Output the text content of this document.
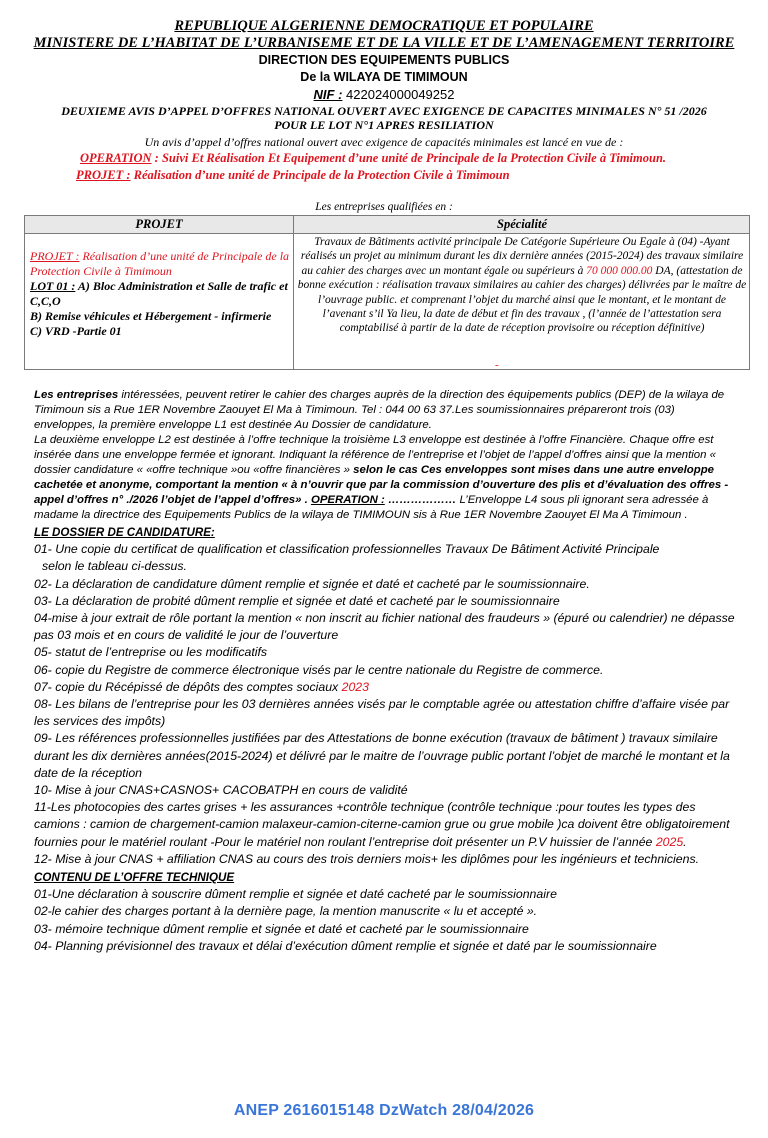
REPUBLIQUE ALGERIENNE DEMOCRATIQUE ET POPULAIRE
MINISTERE DE L’HABITAT DE L’URBANISEME ET DE LA VILLE ET DE L’AMENAGEMENT TERRITOIRE
DIRECTION DES EQUIPEMENTS PUBLICS
De la WILAYA DE TIMIMOUN
NIF : 422024000049252
DEUXIEME AVIS D’APPEL D’OFFRES NATIONAL OUVERT AVEC EXIGENCE DE CAPACITES MINIMALES N° 51 /2026
POUR LE LOT N°1 APRES RESILIATION
Un avis d’appel d’offres national ouvert avec exigence de capacités minimales est lancé en vue de :
OPERATION : Suivi Et Réalisation Et Equipement d’une unité de Principale de la Protection Civile à Timimoun.
PROJET : Réalisation d’une unité de Principale de la Protection Civile à Timimoun
Les entreprises qualifiées en :
PROJET	Spécialité
PROJET : Réalisation d’une unité de Principale de la Protection Civile à Timimoun
LOT 01 : A) Bloc Administration et Salle de trafic et C,C,O
B) Remise véhicules et Hébergement - infirmerie
C) VRD -Partie 01
Travaux de Bâtiments activité principale De Catégorie Supérieure Ou Egale à (04) -Ayant réalisés un projet au minimum durant les dix dernière années (2015-2024) des travaux similaire au cahier des charges avec un montant égale ou supérieurs à 70 000 000.00 DA, (attestation de bonne exécution : réalisation travaux similaires au cahier des charges) délivrées par le maître de l’ouvrage public. et comprenant l’objet du marché ainsi que le montant, et le montant de l’avenant s’il Ya lieu, la date de début et fin des travaux , (l’année de l’attestation sera comptabilisé à partir de la date de réception provisoire ou réception définitive)
-

Les entreprises intéressées, peuvent retirer le cahier des charges auprès de la direction des équipements publics (DEP) de la wilaya de Timimoun sis a Rue 1ER Novembre Zaouyet El Ma à Timimoun. Tel : 044 00 63 37.Les soumissionnaires prépareront trois (03) enveloppes, la première enveloppe L1 est destinée Au Dossier de candidature.

La deuxième enveloppe L2 est destinée à l’offre technique la troisième L3 enveloppe est destinée à l’offre Financière. Chaque offre est insérée dans une enveloppe fermée et ignorant. Indiquant la référence de l’entreprise et l’objet de l’appel d’offres ainsi que la mention « dossier candidature « «offre technique »ou «offre financières » selon le cas Ces enveloppes sont mises dans une autre enveloppe cachetée et anonyme, comportant la mention « à n’ouvrir que par la commission d’ouverture des plis et d’évaluation des offres - appel d’offres n° ./2026 l’objet de l’appel d’offres» . OPERATION : ……………… L’Enveloppe L4 sous pli ignorant sera adressée à madame la directrice des Equipements Publics de la wilaya de TIMIMOUN sis à Rue 1ER Novembre Zaouyet El Ma A Timimoun .

LE DOSSIER DE CANDIDATURE:

01- Une copie du certificat de qualification et classification professionnelles Travaux De Bâtiment Activité Principale

selon le tableau ci-dessus.

02- La déclaration de candidature dûment remplie et signée et daté et cacheté par le soumissionnaire.

03- La déclaration de probité dûment remplie et signée et daté et cacheté par le soumissionnaire

04-mise à jour extrait de rôle portant la mention « non inscrit au fichier national des fraudeurs » (épuré ou calendrier) ne dépasse pas 03 mois et en cours de validité le jour de l’ouverture

05- statut de l’entreprise ou les modificatifs

06- copie du Registre de commerce électronique visés par le centre nationale du Registre de commerce.

07- copie du Récépissé de dépôts des comptes sociaux 2023

08- Les bilans de l’entreprise pour les 03 dernières années visés par le comptable agrée ou attestation chiffre d’affaire visée par les services des impôts)

09- Les références professionnelles justifiées par des Attestations de bonne exécution (travaux de bâtiment ) travaux similaire durant les dix dernières années(2015-2024) et délivré par le maitre de l’ouvrage public portant l’objet de marché le montant et la date de la réception

10- Mise à jour CNAS+CASNOS+ CACOBATPH en cours de validité

11-Les photocopies des cartes grises + les assurances +contrôle technique (contrôle technique :pour toutes les types des camions : camion de chargement-camion malaxeur-camion-citerne-camion grue ou grue mobile )ca doivent être obligatoirement fournies pour le matériel roulant -Pour le matériel non roulant l’entreprise doit présenter un P.V huissier de l’année 2025.

12- Mise à jour CNAS + affiliation CNAS au cours des trois derniers mois+ les diplômes pour les ingénieurs et techniciens.

CONTENU DE L’OFFRE TECHNIQUE

01-Une déclaration à souscrire dûment remplie et signée et daté cacheté par le soumissionnaire

02-le cahier des charges portant à la dernière page, la mention manuscrite « lu et accepté ».

03- mémoire technique dûment remplie et signée et daté et cacheté par le soumissionnaire

04- Planning prévisionnel des travaux et délai d’exécution dûment remplie et signée et daté par le soumissionnaire

ANEP 2616015148 DzWatch 28/04/2026
